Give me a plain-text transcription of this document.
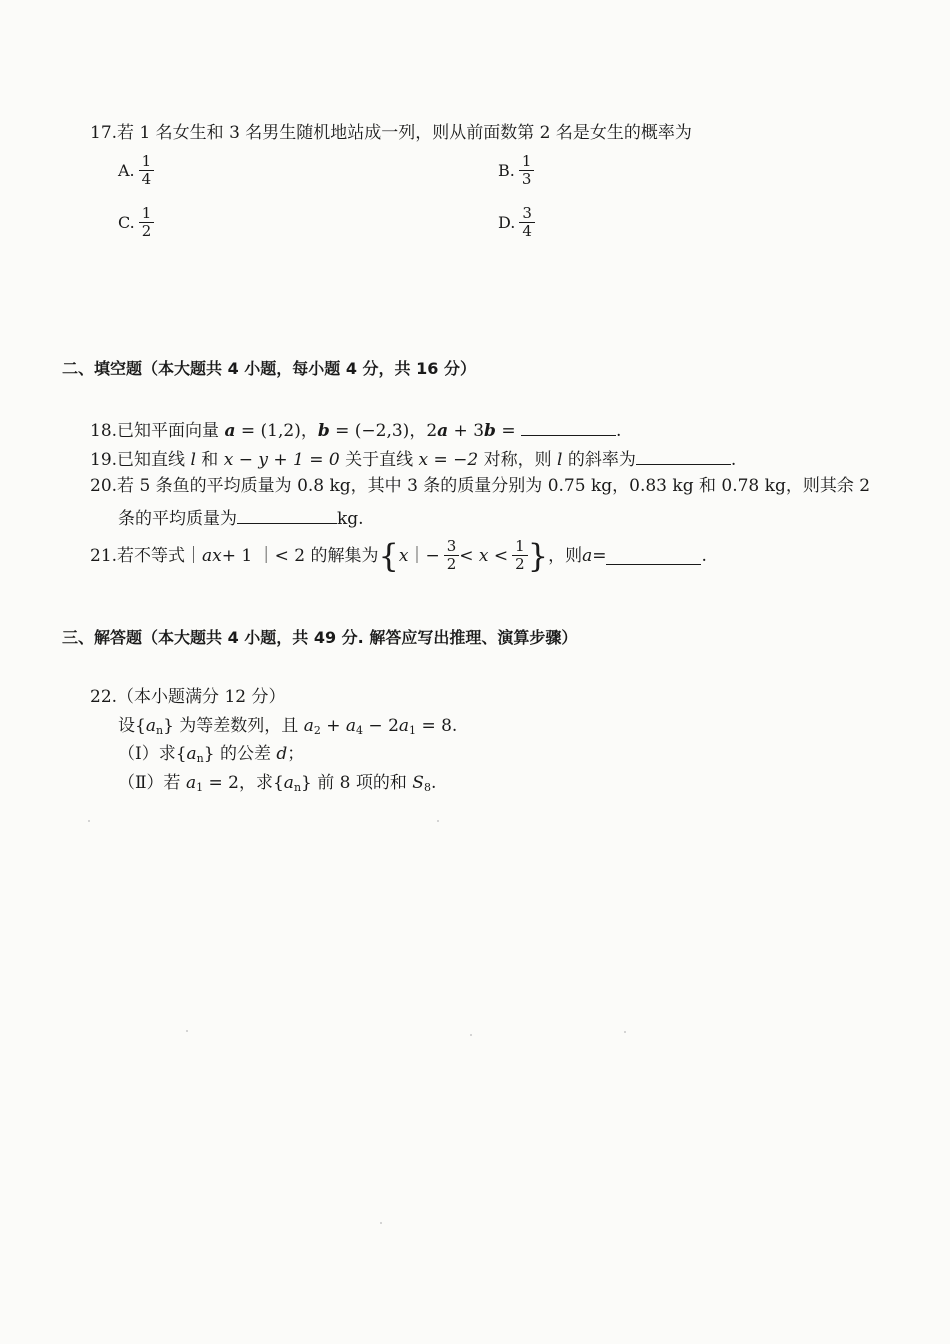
17.若 1 名女生和 3 名男生随机地站成一列，则从前面数第 2 名是女生的概率为
A. $\frac{1}{4}$	B. $\frac{1}{3}$
C. $\frac{1}{2}$	D. $\frac{3}{4}$
二、填空题（本大题共 4 小题，每小题 4 分，共 16 分）
18.已知平面向量 a = (1,2)，b = (−2,3)，2a + 3b =	.
19.已知直线 l 和 x − y + 1 = 0 关于直线 x = −2 对称，则 l 的斜率为	.
20.若 5 条鱼的平均质量为 0.8 kg，其中 3 条的质量分别为 0.75 kg，0.83 kg 和 0.78 kg，则其余 2
条的平均质量为	kg.
21.若不等式｜ ax + 1 ｜< 2 的解集为 { x ｜− $\frac{3}{2} < x < \frac{1}{2}$ } ，则 a =	.
三、解答题（本大题共 4 小题，共 49 分. 解答应写出推理、演算步骤）
22.（本小题满分 12 分）
设$\{a_n\}$ 为等差数列，且 $a_2 + a_4 - 2a_1 = 8$.
（Ⅰ）求$\{a_n\}$ 的公差 d；
（Ⅱ）若 $a_1 = 2$，求$\{a_n\}$ 前 8 项的和 $S_8$.
